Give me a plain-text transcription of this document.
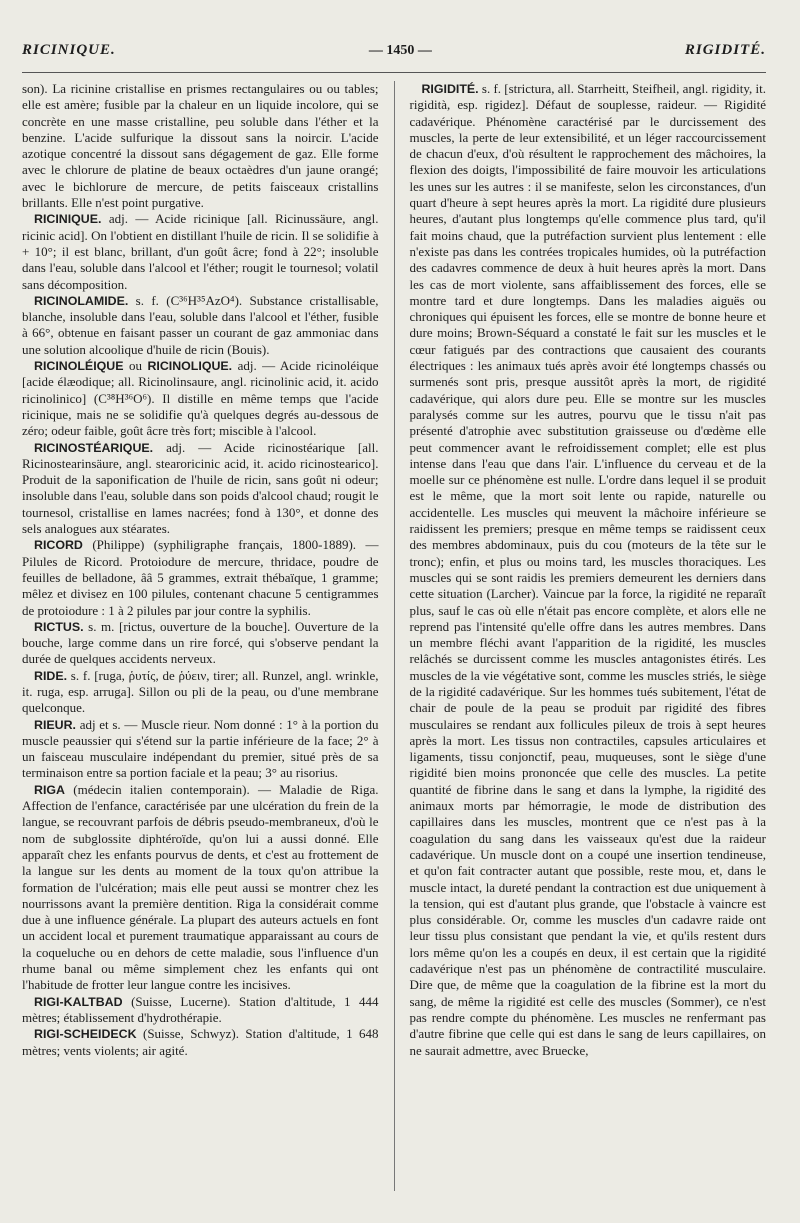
RICINIQUE.	— 1450 —	RIGIDITÉ.

son). La ricinine cristallise en prismes rectangulaires ou ou tables; elle est amère; fusible par la chaleur en un liquide incolore, qui se concrète en une masse cristalline, peu soluble dans l'éther et la benzine. L'acide sulfurique la dissout sans la noircir. L'acide azotique concentré la dissout sans dégagement de gaz. Elle forme avec le chlorure de platine de beaux octaèdres d'un jaune orangé; avec le bichlorure de mercure, de petits faisceaux cristallins brillants. Elle n'est point purgative.

RICINIQUE. adj. — Acide ricinique [all. Ricinussäure, angl. ricinic acid]. On l'obtient en distillant l'huile de ricin. Il se solidifie à + 10°; il est blanc, brillant, d'un goût âcre; fond à 22°; insoluble dans l'eau, soluble dans l'alcool et l'éther; rougit le tournesol; volatil sans décomposition.

RICINOLAMIDE. s. f. (C³⁶H³⁵AzO⁴). Substance cristallisable, blanche, insoluble dans l'eau, soluble dans l'alcool et l'éther, fusible à 66°, obtenue en faisant passer un courant de gaz ammoniac dans une solution alcoolique d'huile de ricin (Bouis).

RICINOLÉIQUE ou RICINOLIQUE. adj. — Acide ricinoléique [acide élæodique; all. Ricinolinsaure, angl. ricinolinic acid, it. acido ricinolinico] (C³⁸H³⁶O⁶). Il distille en même temps que l'acide ricinique, mais ne se solidifie qu'à quelques degrés au-dessous de zéro; odeur faible, goût âcre très fort; miscible à l'alcool.

RICINOSTÉARIQUE. adj. — Acide ricinostéarique [all. Ricinostearinsäure, angl. stearoricinic acid, it. acido ricinostearico]. Produit de la saponification de l'huile de ricin, sans goût ni odeur; insoluble dans l'eau, soluble dans son poids d'alcool chaud; rougit le tournesol, cristallise en lames nacrées; fond à 130°, et donne des sels analogues aux stéarates.

RICORD (Philippe) (syphiligraphe français, 1800-1889). — Pilules de Ricord. Protoiodure de mercure, thridace, poudre de feuilles de belladone, ââ 5 grammes, extrait thébaïque, 1 gramme; mêlez et divisez en 100 pilules, contenant chacune 5 centigrammes de protoiodure : 1 à 2 pilules par jour contre la syphilis.

RICTUS. s. m. [rictus, ouverture de la bouche]. Ouverture de la bouche, large comme dans un rire forcé, qui s'observe pendant la durée de quelques accidents nerveux.

RIDE. s. f. [ruga, ῥυτίς, de ῥύειν, tirer; all. Runzel, angl. wrinkle, it. ruga, esp. arruga]. Sillon ou pli de la peau, ou d'une membrane quelconque.

RIEUR. adj et s. — Muscle rieur. Nom donné : 1° à la portion du muscle peaussier qui s'étend sur la partie inférieure de la face; 2° à un faisceau musculaire indépendant du premier, situé près de sa terminaison entre sa portion faciale et la peau; 3° au risorius.

RIGA (médecin italien contemporain). — Maladie de Riga. Affection de l'enfance, caractérisée par une ulcération du frein de la langue, se recouvrant parfois de débris pseudo-membraneux, d'où le nom de subglossite diphtéroïde, qu'on lui a aussi donné. Elle apparaît chez les enfants pourvus de dents, et c'est au frottement de la langue sur les dents au moment de la toux qu'on attribue la formation de l'ulcération; mais elle peut aussi se montrer chez les nourrissons avant la première dentition. Riga la considérait comme due à une influence générale. La plupart des auteurs actuels en font un accident local et purement traumatique apparaissant au cours de la coqueluche ou en dehors de cette maladie, sous l'influence d'un rhume banal ou même simplement chez les enfants qui ont l'habitude de frotter leur langue contre les incisives.

RIGI-KALTBAD (Suisse, Lucerne). Station d'altitude, 1 444 mètres; établissement d'hydrothérapie.

RIGI-SCHEIDECK (Suisse, Schwyz). Station d'altitude, 1 648 mètres; vents violents; air agité.

RIGIDITÉ. s. f. [strictura, all. Starrheitt, Steifheil, angl. rigidity, it. rigidità, esp. rigidez]. Défaut de souplesse, raideur. — Rigidité cadavérique. Phénomène caractérisé par le durcissement des muscles, la perte de leur extensibilité, et un léger raccourcissement de chacun d'eux, d'où résultent le rapprochement des mâchoires, la flexion des doigts, l'impossibilité de faire mouvoir les articulations les unes sur les autres : il se manifeste, selon les circonstances, d'un quart d'heure à sept heures après la mort. La rigidité dure plusieurs heures, d'autant plus longtemps qu'elle commence plus tard, qu'il fait moins chaud, que la putréfaction survient plus lentement : elle n'existe pas dans les contrées tropicales humides, où la putréfaction des cadavres commence de deux à huit heures après la mort. Dans les cas de mort violente, sans affaiblissement des forces, elle se montre tard et dure longtemps. Dans les maladies aiguës ou chroniques qui épuisent les forces, elle se montre de bonne heure et dure moins; Brown-Séquard a constaté le fait sur les muscles et le cœur fatigués par des contractions que causaient des courants électriques : les animaux tués après avoir été longtemps chassés ou surmenés sont pris, presque aussitôt après la mort, de rigidité cadavérique, qui alors dure peu. Elle se montre sur les muscles paralysés comme sur les autres, pourvu que le tissu n'ait pas présenté d'atrophie avec substitution graisseuse ou d'œdème elle peut commencer avant le refroidissement complet; elle est plus intense dans l'eau que dans l'air. L'influence du cerveau et de la moelle sur ce phénomène est nulle. L'ordre dans lequel il se produit est le même, que la mort soit lente ou rapide, naturelle ou accidentelle. Les muscles qui meuvent la mâchoire inférieure se raidissent les premiers; presque en même temps se raidissent ceux des membres abdominaux, puis du cou (moteurs de la tête sur le tronc); enfin, et plus ou moins tard, les muscles thoraciques. Les muscles qui se sont raidis les premiers demeurent les derniers dans cette situation (Larcher). Vaincue par la force, la rigidité ne reparaît plus, sauf le cas où elle n'était pas encore complète, et alors elle ne reprend pas l'intensité qu'elle offre dans les autres membres. Dans un membre fléchi avant l'apparition de la rigidité, les muscles relâchés se durcissent comme les muscles antagonistes étirés. Les muscles de la vie végétative sont, comme les muscles striés, le siège de la rigidité cadavérique. Sur les hommes tués subitement, l'état de chair de poule de la peau se produit par rigidité des fibres musculaires se rendant aux follicules pileux de trois à sept heures après la mort. Les tissus non contractiles, capsules articulaires et ligaments, tissu conjonctif, peau, muqueuses, sont le siège d'une rigidité bien moins prononcée que celle des muscles. La petite quantité de fibrine dans le sang et dans la lymphe, la rigidité des animaux morts par hémorragie, le mode de distribution des capillaires dans les muscles, montrent que ce n'est pas à la coagulation du sang dans les vaisseaux qu'est due la raideur cadavérique. Un muscle dont on a coupé une insertion tendineuse, et qu'on fait contracter autant que possible, reste mou, et, dans le muscle intact, la dureté pendant la contraction est due uniquement à la tension, qui est d'autant plus grande, que l'obstacle à vaincre est plus considérable. Or, comme les muscles d'un cadavre raide ont leur tissu plus consistant que pendant la vie, et qu'ils restent durs lors même qu'on les a coupés en deux, il est certain que la rigidité cadavérique n'est pas un phénomène de contractilité musculaire. Dire que, de même que la coagulation de la fibrine est la mort du sang, de même la rigidité est celle des muscles (Sommer), ce n'est pas rendre compte du phénomène. Les muscles ne renfermant pas d'autre fibrine que celle qui est dans le sang de leurs capillaires, on ne saurait admettre, avec Bruecke,
